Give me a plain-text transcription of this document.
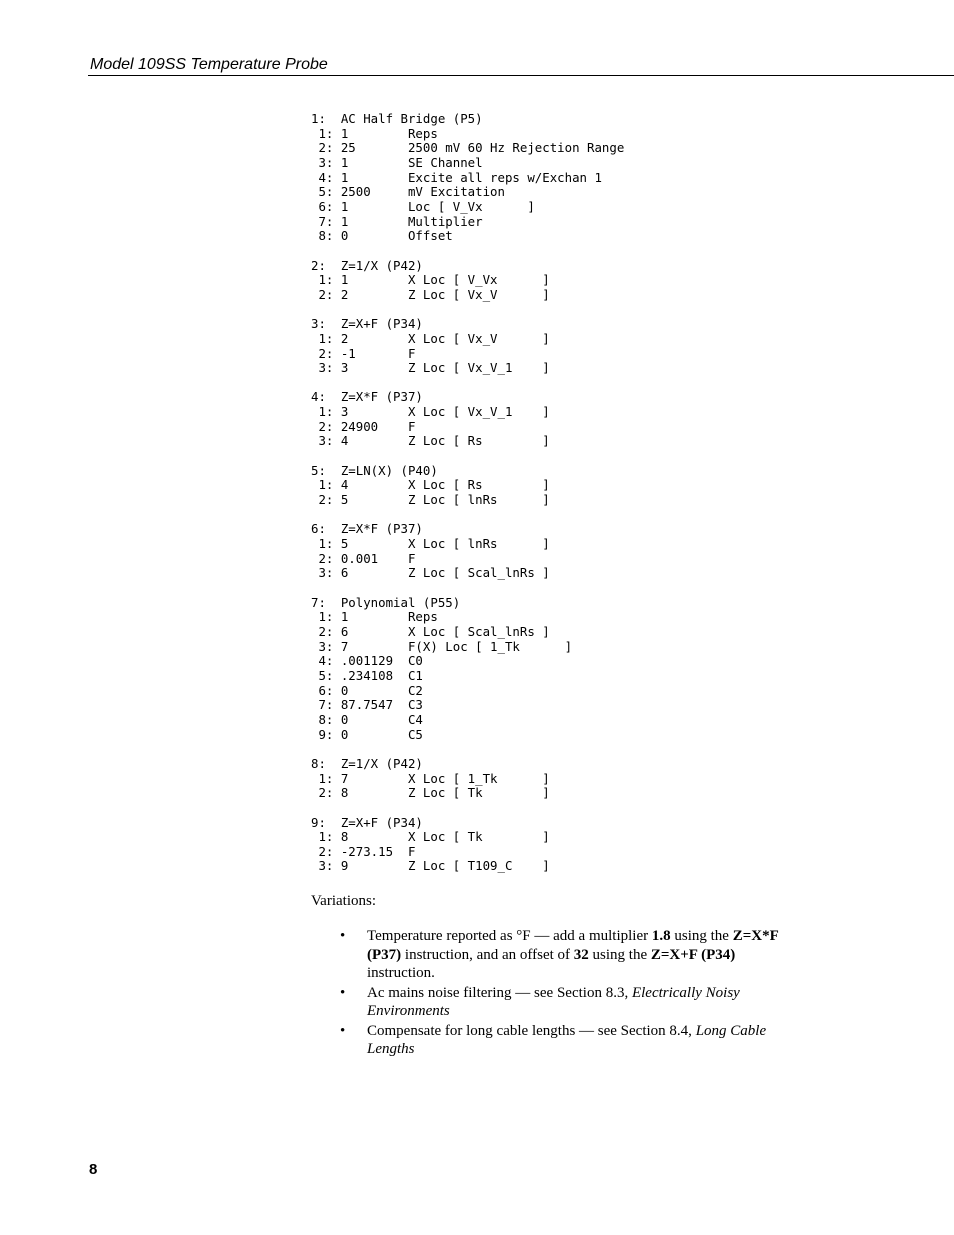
Model 109SS Temperature Probe
1:  AC Half Bridge (P5)
1: 1        Reps
2: 25       2500 mV 60 Hz Rejection Range
3: 1        SE Channel
4: 1        Excite all reps w/Exchan 1
5: 2500     mV Excitation
6: 1        Loc [ V_Vx      ]
7: 1        Multiplier
8: 0        Offset

2:  Z=1/X (P42)
1: 1        X Loc [ V_Vx      ]
2: 2        Z Loc [ Vx_V      ]

3:  Z=X+F (P34)
1: 2        X Loc [ Vx_V      ]
2: -1       F
3: 3        Z Loc [ Vx_V_1    ]

4:  Z=X*F (P37)
1: 3        X Loc [ Vx_V_1    ]
2: 24900    F
3: 4        Z Loc [ Rs        ]

5:  Z=LN(X) (P40)
1: 4        X Loc [ Rs        ]
2: 5        Z Loc [ lnRs      ]

6:  Z=X*F (P37)
1: 5        X Loc [ lnRs      ]
2: 0.001    F
3: 6        Z Loc [ Scal_lnRs ]

7:  Polynomial (P55)
1: 1        Reps
2: 6        X Loc [ Scal_lnRs ]
3: 7        F(X) Loc [ 1_Tk      ]
4: .001129  C0
5: .234108  C1
6: 0        C2
7: 87.7547  C3
8: 0        C4
9: 0        C5

8:  Z=1/X (P42)
1: 7        X Loc [ 1_Tk      ]
2: 8        Z Loc [ Tk        ]

9:  Z=X+F (P34)
1: 8        X Loc [ Tk        ]
2: -273.15  F
3: 9        Z Loc [ T109_C    ]
Variations:
• Temperature reported as °F — add a multiplier 1.8 using the Z=X*F (P37) instruction, and an offset of 32 using the Z=X+F (P34) instruction.
• Ac mains noise filtering — see Section 8.3, Electrically Noisy Environments
• Compensate for long cable lengths — see Section 8.4, Long Cable Lengths
8
